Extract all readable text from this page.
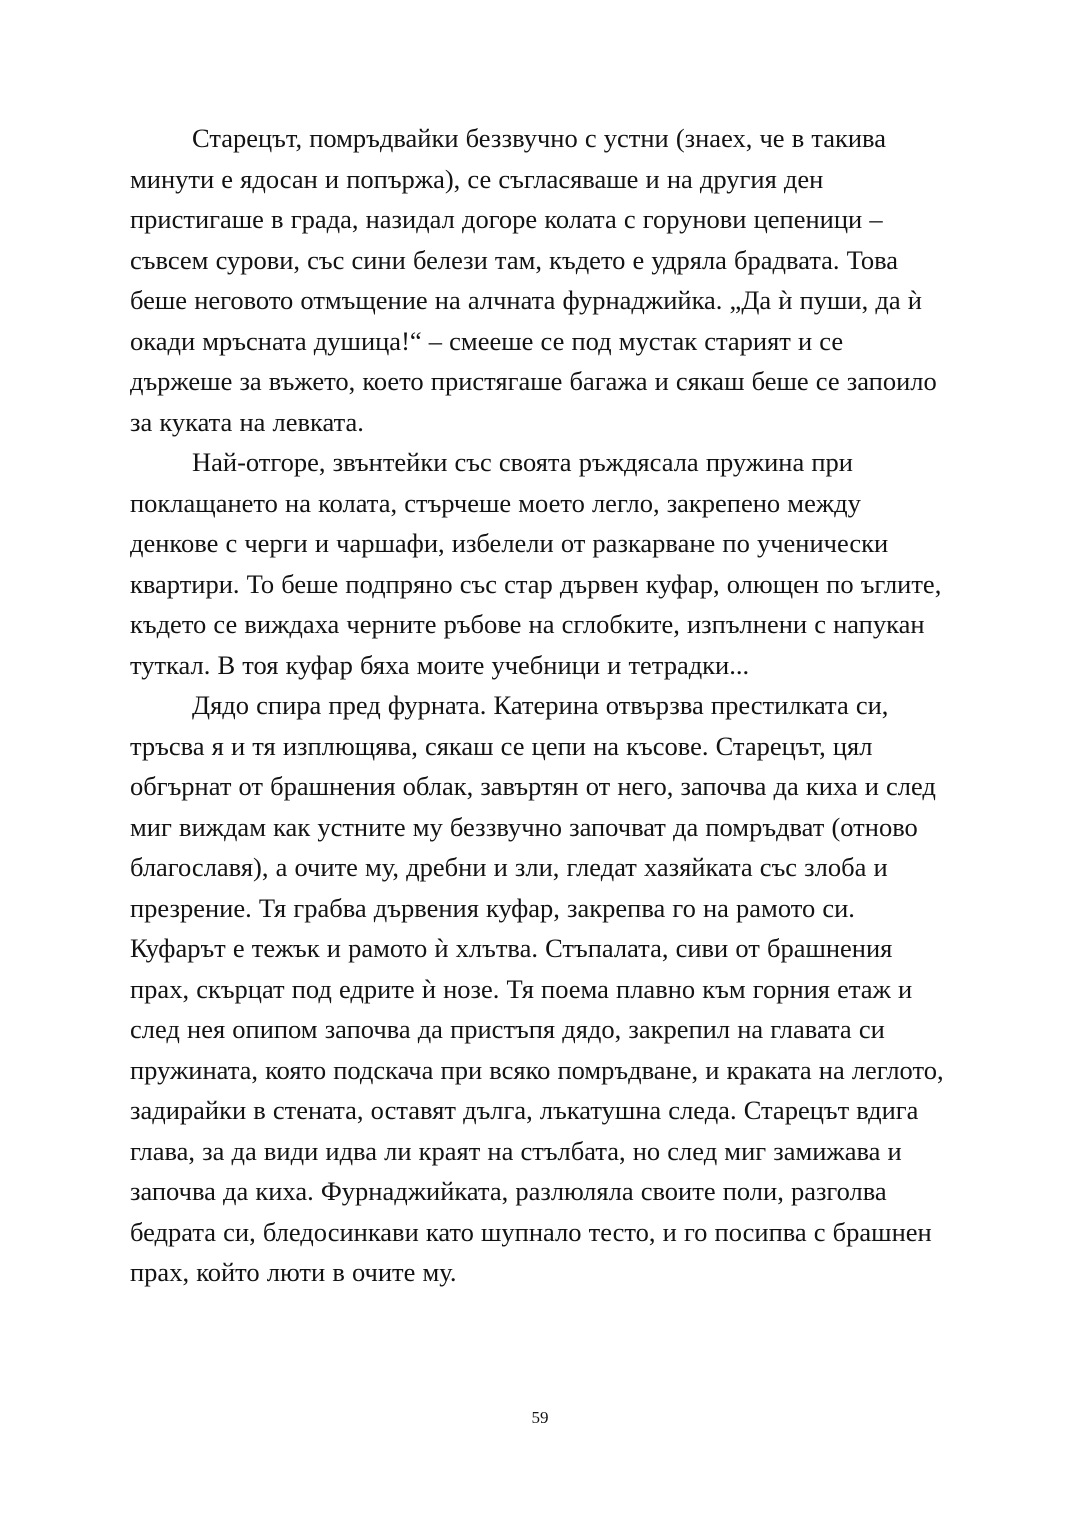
Старецът, помръдвайки беззвучно с устни (знаех, че в такива минути е ядосан и попържа), се съгласяваше и на другия ден пристигаше в града, назидал догоре колата с горунови цепеници – съвсем сурови, със сини белези там, където е удряла брадвата. Това беше неговото отмъщение на алчната фурнаджийка. „Да ѝ пуши, да ѝ окади мръсната душица!“ – смееше се под мустак старият и се държеше за въжето, което пристягаше багажа и сякаш беше се запоило за куката на левката.

Най-отгоре, звънтейки със своята ръждясала пружина при поклащането на колата, стърчеше моето легло, закрепено между денкове с черги и чаршафи, избелели от разкарване по ученически квартири. То беше подпряно със стар дървен куфар, олющен по ъглите, където се виждаха черните ръбове на сглобките, изпълнени с напукан туткал. В тоя куфар бяха моите учебници и тетрадки...

Дядо спира пред фурната. Катерина отвързва престилката си, тръсва я и тя изплющява, сякаш се цепи на късове. Старецът, цял обгърнат от брашнения облак, завъртян от него, започва да киха и след миг виждам как устните му беззвучно започват да помръдват (отново благославя), а очите му, дребни и зли, гледат хазяйката със злоба и презрение. Тя грабва дървения куфар, закрепва го на рамото си. Куфарът е тежък и рамото ѝ хлътва. Стъпалата, сиви от брашнения прах, скърцат под едрите ѝ нозе. Тя поема плавно към горния етаж и след нея опипом започва да пристъпя дядо, закрепил на главата си пружината, която подскача при всяко помръдване, и краката на леглото, задирайки в стената, оставят дълга, лъкатушна следа. Старецът вдига глава, за да види идва ли краят на стълбата, но след миг замижава и започва да киха. Фурнаджийката, разлюляла своите поли, разголва бедрата си, бледосинкави като шупнало тесто, и го посипва с брашнен прах, който люти в очите му.

59
